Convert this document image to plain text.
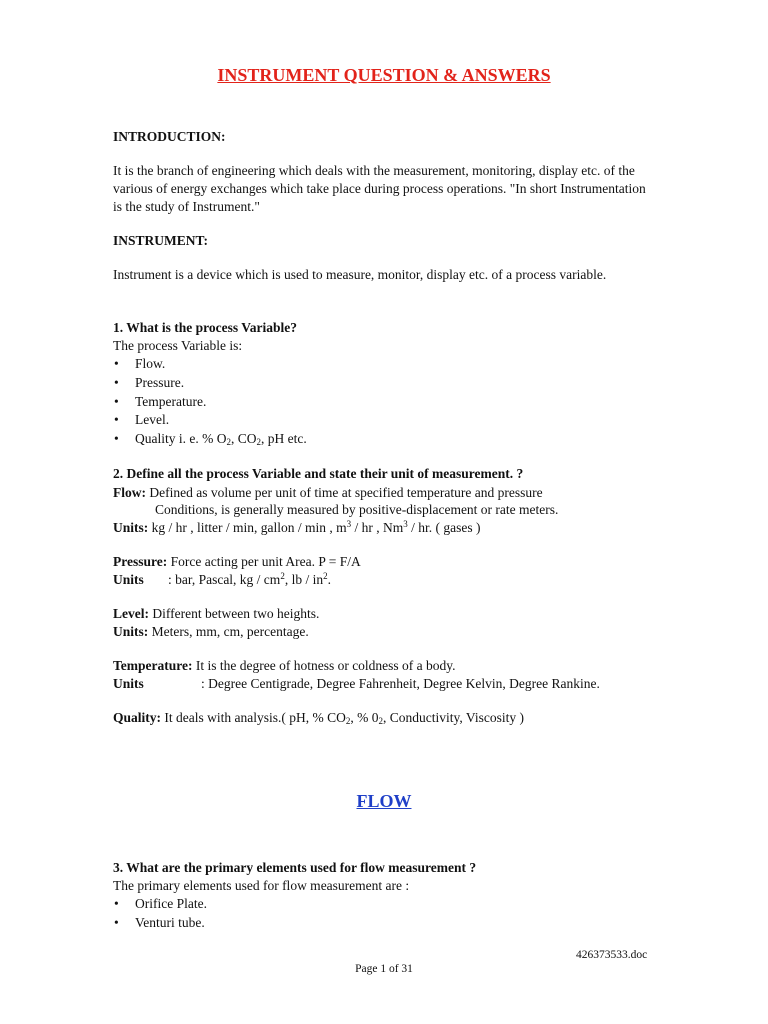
INSTRUMENT QUESTION & ANSWERS
INTRODUCTION:
It is the branch of engineering which deals with the measurement, monitoring, display etc. of the various of energy exchanges which take place during process operations. "In short Instrumentation is the study of Instrument."
INSTRUMENT:
Instrument is a device which is used to measure, monitor, display etc. of a process variable.
1. What is the process Variable?
The process Variable is:
• Flow.
• Pressure.
• Temperature.
• Level.
• Quality i. e. % $O_2$, $CO_2$, pH etc.
2. Define all the process Variable and state their unit of measurement. ?
Flow: Defined as volume per unit of time at specified temperature and pressure
Conditions, is generally measured by positive-displacement or rate meters.
Units: kg / hr , litter / min, gallon / min , $m^3$ / hr , Nm$^3$ / hr. ( gases )
Pressure: Force acting per unit Area. P = F/A
Units : bar, Pascal, kg / $cm^2$, lb / $in^2$.
Level: Different between two heights.
Units: Meters, mm, cm, percentage.
Temperature: It is the degree of hotness or coldness of a body.
Units	: Degree Centigrade, Degree Fahrenheit, Degree Kelvin, Degree Rankine.
Quality: It deals with analysis.( pH, % $CO_2$, % $0_2$, Conductivity, Viscosity )
3. What are the primary elements used for flow measurement ?
The primary elements used for flow measurement are :
• Orifice Plate.
• Venturi tube.
FLOW
426373533.doc
Page 1 of 31
